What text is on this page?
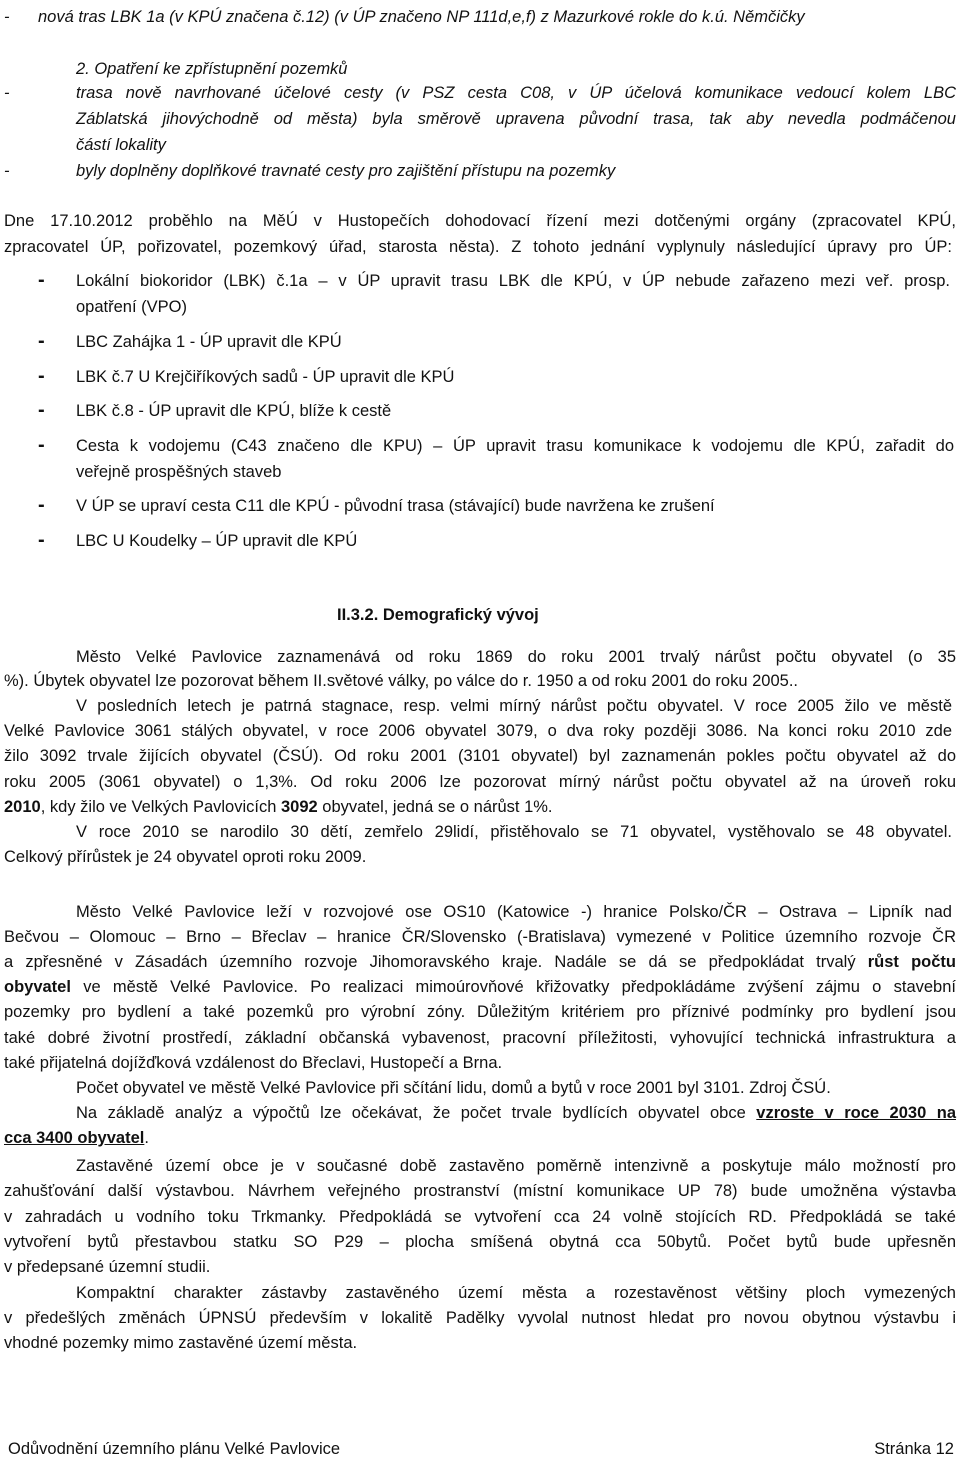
- nová tras LBK 1a (v KPÚ značena č.12) (v ÚP značeno NP 111d,e,f) z Mazurkové rokle do k.ú. Němčičky
2. Opatření ke zpřístupnění pozemků
-	trasa nově navrhované účelové cesty (v PSZ cesta C08, v ÚP účelová komunikace vedoucí kolem LBC
Záblatská jihovýchodně od města) byla směrově upravena původní trasa, tak aby nevedla podmáčenou
částí lokality
-	byly doplněny doplňkové travnaté cesty pro zajištění přístupu na pozemky
Dne 17.10.2012 proběhlo na MěÚ v Hustopečích dohodovací řízení mezi dotčenými orgány (zpracovatel KPÚ,
zpracovatel ÚP, pořizovatel, pozemkový úřad, starosta něsta). Z tohoto jednání vyplynuly následující úpravy pro ÚP:
- Lokální biokoridor (LBK) č.1a – v ÚP upravit trasu LBK dle KPÚ, v ÚP nebude zařazeno mezi veř. prosp.
opatření (VPO)
- LBC Zahájka 1 - ÚP upravit dle KPÚ
- LBK č.7 U Krejčiříkových sadů - ÚP upravit dle KPÚ
- LBK č.8 - ÚP upravit dle KPÚ, blíže k cestě
- Cesta k vodojemu (C43 značeno dle KPU) – ÚP upravit trasu komunikace k vodojemu dle KPÚ, zařadit do
veřejně prospěšných staveb
- V ÚP se upraví cesta C11 dle KPÚ - původní trasa (stávající) bude navržena ke zrušení
- LBC U Koudelky – ÚP upravit dle KPÚ
II.3.2. Demografický vývoj
Město Velké Pavlovice zaznamenává od roku 1869 do roku 2001 trvalý nárůst počtu obyvatel (o 35
%). Úbytek obyvatel lze pozorovat během II.světové války, po válce do r. 1950 a od roku 2001 do roku 2005..
V posledních letech je patrná stagnace, resp. velmi mírný nárůst počtu obyvatel. V roce 2005 žilo ve městě
Velké Pavlovice 3061 stálých obyvatel, v roce 2006 obyvatel 3079, o dva roky později 3086. Na konci roku 2010 zde
žilo 3092 trvale žijících obyvatel (ČSÚ). Od roku 2001 (3101 obyvatel) byl zaznamenán pokles počtu obyvatel až do
roku 2005 (3061 obyvatel) o 1,3%. Od roku 2006 lze pozorovat mírný nárůst počtu obyvatel až na úroveň roku
2010, kdy žilo ve Velkých Pavlovicích 3092 obyvatel, jedná se o nárůst 1%.
V roce 2010 se narodilo 30 dětí, zemřelo 29lidí, přistěhovalo se 71 obyvatel, vystěhovalo se 48 obyvatel.
Celkový přírůstek je 24 obyvatel oproti roku 2009.
Město Velké Pavlovice leží v rozvojové ose OS10 (Katowice -) hranice Polsko/ČR – Ostrava – Lipník nad
Bečvou – Olomouc – Brno – Břeclav – hranice ČR/Slovensko (-Bratislava) vymezené v Politice územního rozvoje ČR
a zpřesněné v Zásadách územního rozvoje Jihomoravského kraje. Nadále se dá se předpokládat trvalý růst počtu
obyvatel ve městě Velké Pavlovice. Po realizaci mimoúrovňové křižovatky předpokládáme zvýšení zájmu o stavební
pozemky pro bydlení a také pozemků pro výrobní zóny. Důležitým kritériem pro příznivé podmínky pro bydlení jsou
také dobré životní prostředí, základní občanská vybavenost, pracovní příležitosti, vyhovující technická infrastruktura a
také přijatelná dojížďková vzdálenost do Břeclavi, Hustopečí a Brna.
Počet obyvatel ve městě Velké Pavlovice při sčítání lidu, domů a bytů v roce 2001 byl 3101. Zdroj ČSÚ.
Na základě analýz a výpočtů lze očekávat, že počet trvale bydlících obyvatel obce vzroste v roce 2030 na
cca 3400 obyvatel.
Zastavěné území obce je v současné době zastavěno poměrně intenzivně a poskytuje málo možností pro
zahušťování další výstavbou. Návrhem veřejného prostranství (místní komunikace UP 78) bude umožněna výstavba
v zahradách u vodního toku Trkmanky. Předpokládá se vytvoření cca 24 volně stojících RD. Předpokládá se také
vytvoření bytů přestavbou statku SO P29 – plocha smíšená obytná cca 50bytů. Počet bytů bude upřesněn
v předepsané územní studii.
Kompaktní charakter zástavby zastavěného území města a rozestavěnost většiny ploch vymezených
v předešlých změnách ÚPNSÚ především v lokalitě Padělky vyvolal nutnost hledat pro novou obytnou výstavbu i
vhodné pozemky mimo zastavěné území města.
Odůvodnění územního plánu Velké Pavlovice	Stránka 12
